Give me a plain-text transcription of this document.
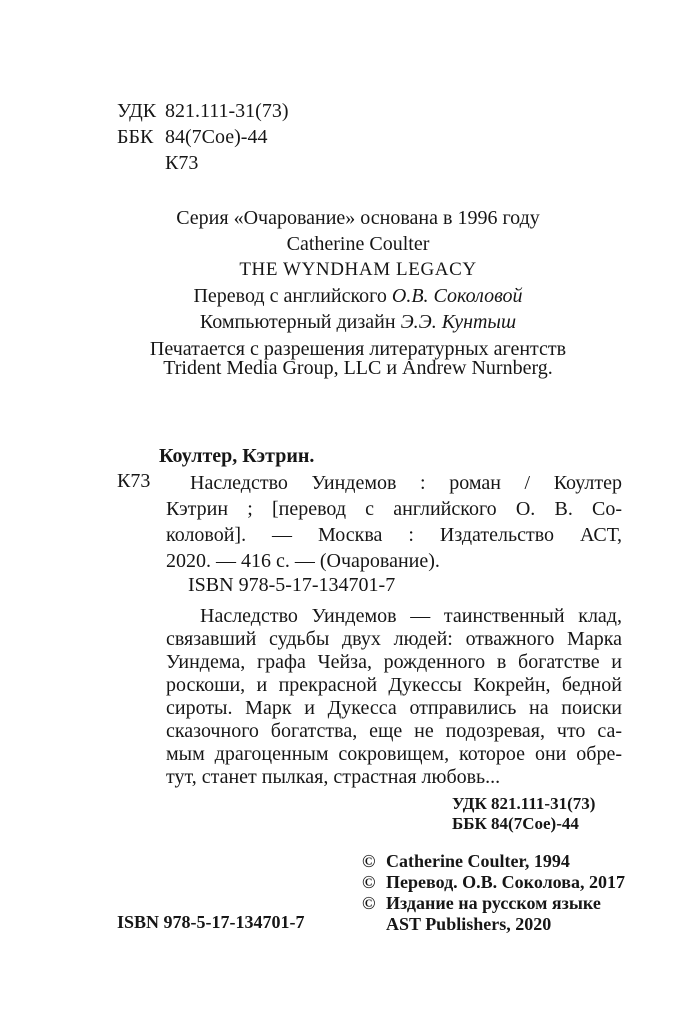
УДК 821.111-31(73)
ББК 84(7Сое)-44
К73
Серия «Очарование» основана в 1996 году
Catherine Coulter
THE WYNDHAM LEGACY
Перевод с английского О.В. Соколовой
Компьютерный дизайн Э.Э. Кунтыш
Печатается с разрешения литературных агентств
Trident Media Group, LLC и Andrew Nurnberg.
Коултер, Кэтрин.
К73	Наследство Уиндемов : роман / Коултер
Кэтрин ; [перевод с английского О. В. Со-
коловой]. — Москва : Издательство АСТ,
2020. — 416 с. — (Очарование).
ISBN 978-5-17-134701-7
Наследство Уиндемов — таинственный клад,
связавший судьбы двух людей: отважного Марка
Уиндема, графа Чейза, рожденного в богатстве и
роскоши, и прекрасной Дукессы Кокрейн, бедной
сироты. Марк и Дукесса отправились на поиски
сказочного богатства, еще не подозревая, что са-
мым драгоценным сокровищем, которое они обре-
тут, станет пылкая, страстная любовь...
УДК 821.111-31(73)
ББК 84(7Сое)-44
© Catherine Coulter, 1994
© Перевод. О.В. Соколова, 2017
© Издание на русском языке
AST Publishers, 2020
ISBN 978-5-17-134701-7
